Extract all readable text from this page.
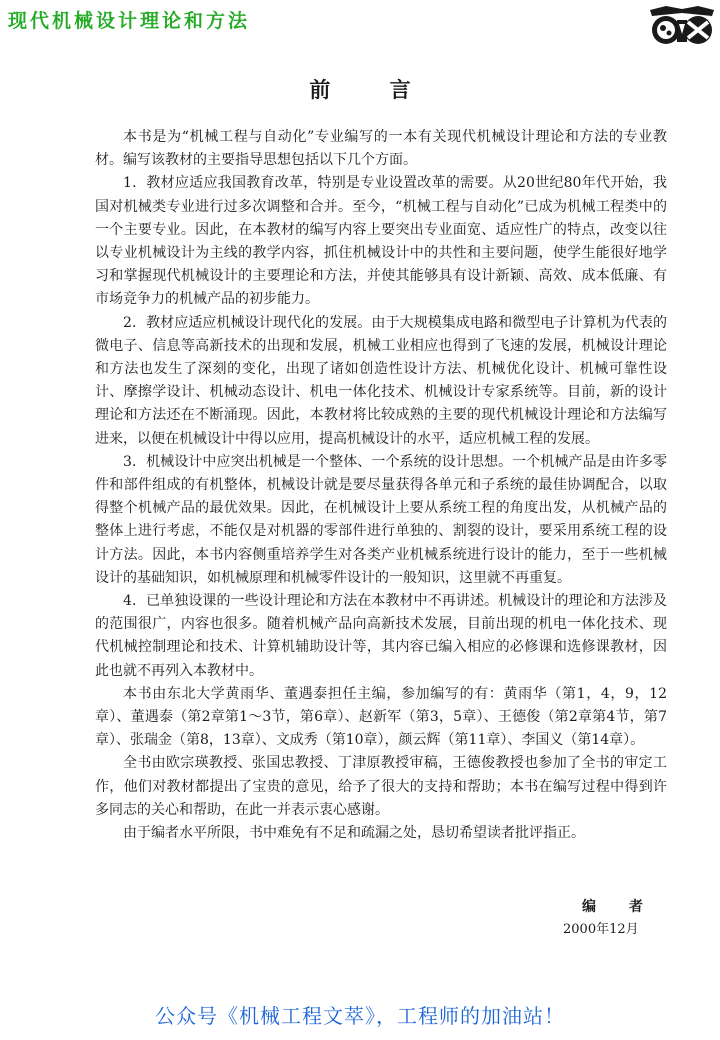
现代机械设计理论和方法
前 言

本书是为“机械工程与自动化”专业编写的一本有关现代机械设计理论和方法的专业教材。编写该教材的主要指导思想包括以下几个方面。

1．教材应适应我国教育改革，特别是专业设置改革的需要。从20世纪80年代开始，我国对机械类专业进行过多次调整和合并。至今，“机械工程与自动化”已成为机械工程类中的一个主要专业。因此，在本教材的编写内容上要突出专业面宽、适应性广的特点，改变以往以专业机械设计为主线的教学内容，抓住机械设计中的共性和主要问题，使学生能很好地学习和掌握现代机械设计的主要理论和方法，并使其能够具有设计新颖、高效、成本低廉、有市场竞争力的机械产品的初步能力。

2．教材应适应机械设计现代化的发展。由于大规模集成电路和微型电子计算机为代表的微电子、信息等高新技术的出现和发展，机械工业相应也得到了飞速的发展，机械设计理论和方法也发生了深刻的变化，出现了诸如创造性设计方法、机械优化设计、机械可靠性设计、摩擦学设计、机械动态设计、机电一体化技术、机械设计专家系统等。目前，新的设计理论和方法还在不断涌现。因此，本教材将比较成熟的主要的现代机械设计理论和方法编写进来，以便在机械设计中得以应用，提高机械设计的水平，适应机械工程的发展。

3．机械设计中应突出机械是一个整体、一个系统的设计思想。一个机械产品是由许多零件和部件组成的有机整体，机械设计就是要尽量获得各单元和子系统的最佳协调配合，以取得整个机械产品的最优效果。因此，在机械设计上要从系统工程的角度出发，从机械产品的整体上进行考虑，不能仅是对机器的零部件进行单独的、割裂的设计，要采用系统工程的设计方法。因此，本书内容侧重培养学生对各类产业机械系统进行设计的能力，至于一些机械设计的基础知识，如机械原理和机械零件设计的一般知识，这里就不再重复。

4．已单独设课的一些设计理论和方法在本教材中不再讲述。机械设计的理论和方法涉及的范围很广，内容也很多。随着机械产品向高新技术发展，目前出现的机电一体化技术、现代机械控制理论和技术、计算机辅助设计等，其内容已编入相应的必修课和选修课教材，因此也就不再列入本教材中。

本书由东北大学黄雨华、董遇泰担任主编，参加编写的有：黄雨华（第1，4，9，12章）、董遇泰（第2章第1～3节，第6章）、赵新军（第3，5章）、王德俊（第2章第4节，第7章）、张瑞金（第8，13章）、文成秀（第10章），颜云辉（第11章）、李国义（第14章）。

全书由欧宗瑛教授、张国忠教授、丁津原教授审稿，王德俊教授也参加了全书的审定工作，他们对教材都提出了宝贵的意见，给予了很大的支持和帮助；本书在编写过程中得到许多同志的关心和帮助，在此一并表示衷心感谢。

由于编者水平所限，书中难免有不足和疏漏之处，恳切希望读者批评指正。

编 者
2000年12月
公众号《机械工程文萃》，工程师的加油站！
